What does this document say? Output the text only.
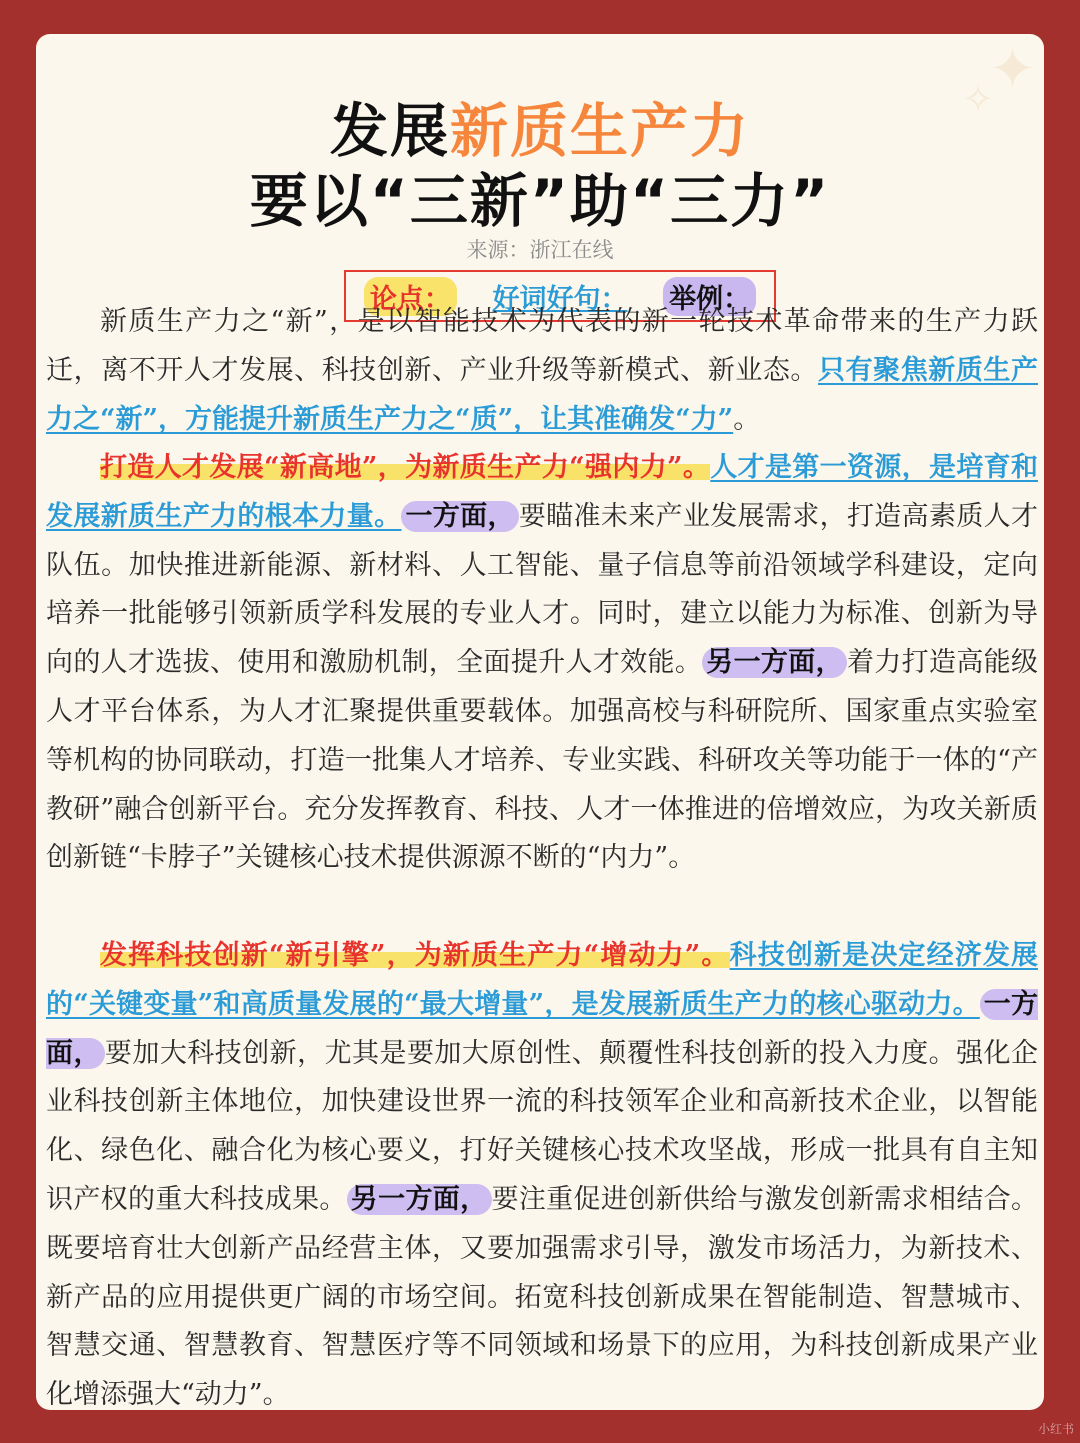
✦
✧
发展新质生产力
要以“三新”助“三力”
来源：浙江在线
论点： 好词好句： 举例：
新质生产力之“新”，是以智能技术为代表的新一轮技术革命带来的生产力跃迁，离不开人才发展、科技创新、产业升级等新模式、新业态。只有聚焦新质生产力之“新”，方能提升新质生产力之“质”，让其准确发“力”。
打造人才发展“新高地”，为新质生产力“强内力”。人才是第一资源，是培育和发展新质生产力的根本力量。 一方面， 要瞄准未来产业发展需求，打造高素质人才队伍。加快推进新能源、新材料、人工智能、量子信息等前沿领域学科建设，定向培养一批能够引领新质学科发展的专业人才。同时，建立以能力为标准、创新为导向的人才选拔、使用和激励机制，全面提升人才效能。 另一方面， 着力打造高能级人才平台体系，为人才汇聚提供重要载体。加强高校与科研院所、国家重点实验室等机构的协同联动，打造一批集人才培养、专业实践、科研攻关等功能于一体的“产教研”融合创新平台。充分发挥教育、科技、人才一体推进的倍增效应，为攻关新质创新链“卡脖子”关键核心技术提供源源不断的“内力”。
发挥科技创新“新引擎”，为新质生产力“增动力”。科技创新是决定经济发展的“关键变量”和高质量发展的“最大增量”，是发展新质生产力的核心驱动力。 一方面， 要加大科技创新，尤其是要加大原创性、颠覆性科技创新的投入力度。强化企业科技创新主体地位，加快建设世界一流的科技领军企业和高新技术企业，以智能化、绿色化、融合化为核心要义，打好关键核心技术攻坚战，形成一批具有自主知识产权的重大科技成果。 另一方面， 要注重促进创新供给与激发创新需求相结合。既要培育壮大创新产品经营主体，又要加强需求引导，激发市场活力，为新技术、新产品的应用提供更广阔的市场空间。拓宽科技创新成果在智能制造、智慧城市、智慧交通、智慧教育、智慧医疗等不同领域和场景下的应用，为科技创新成果产业化增添强大“动力”。
小红书
